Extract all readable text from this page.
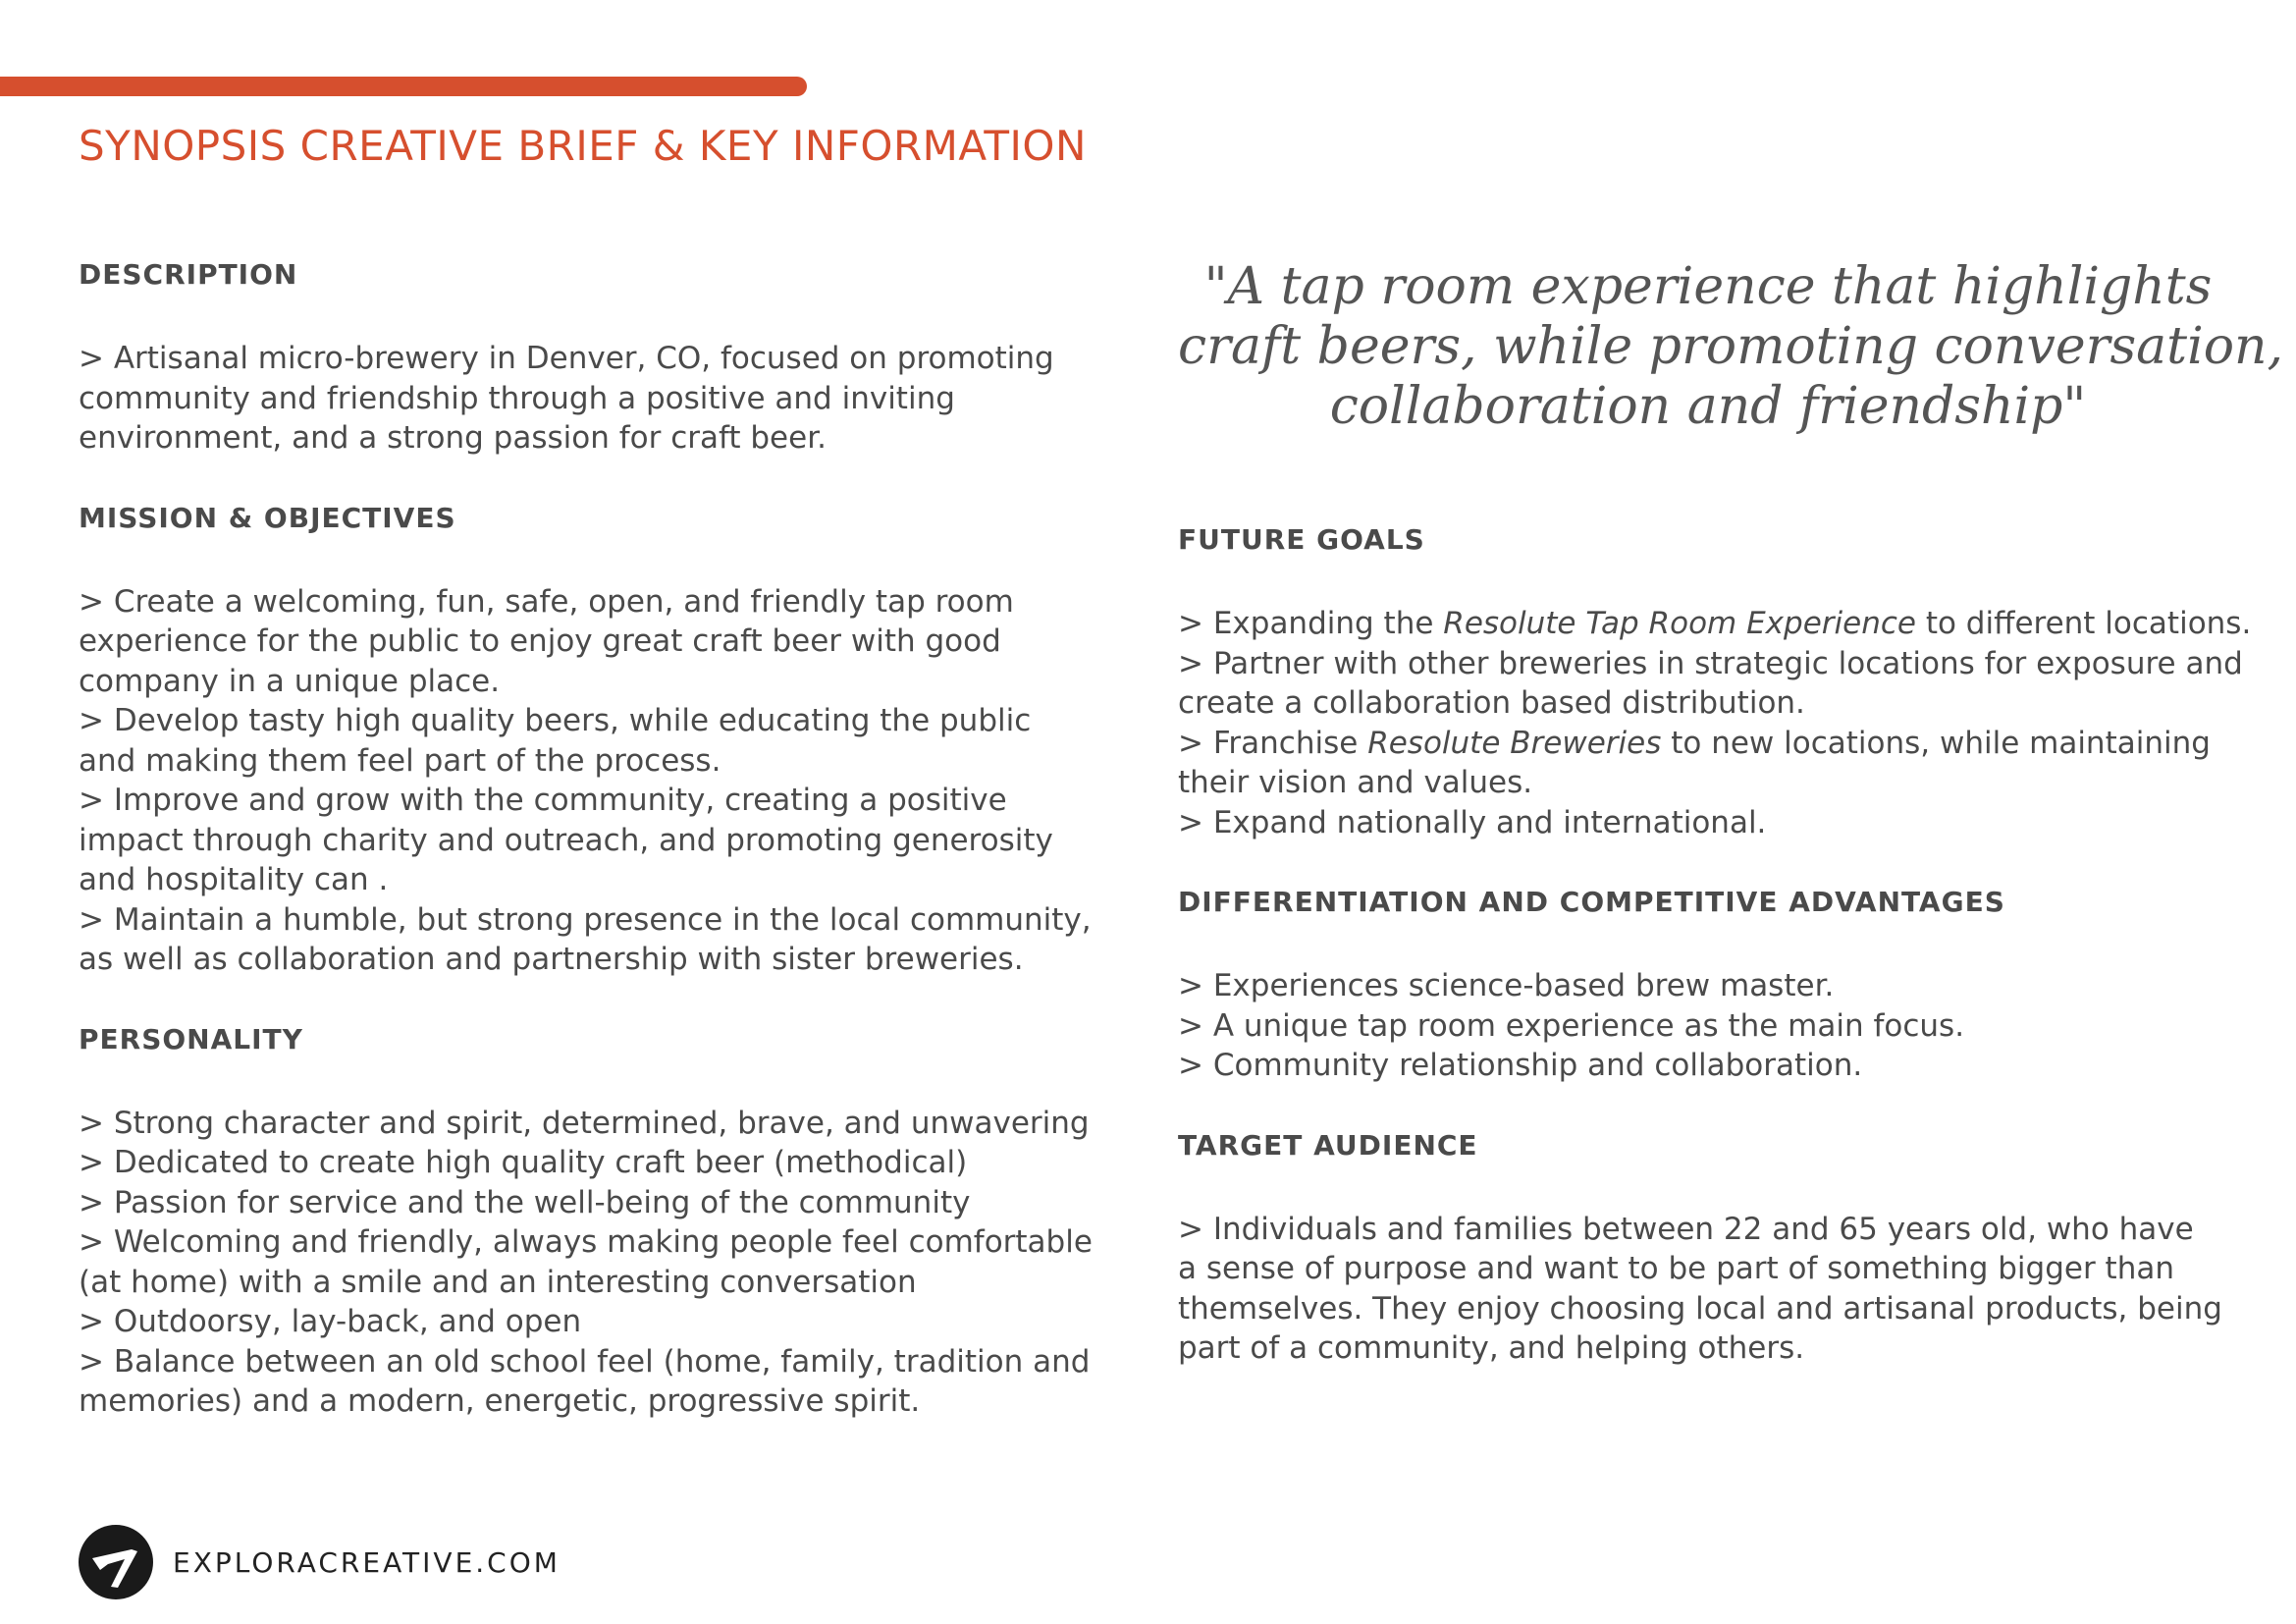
SYNOPSIS CREATIVE BRIEF & KEY INFORMATION
DESCRIPTION
> Artisanal micro-brewery in Denver, CO, focused on promoting
community and friendship through a positive and inviting
environment, and a strong passion for craft beer.
MISSION & OBJECTIVES
> Create a welcoming, fun, safe, open, and friendly tap room
experience for the public to enjoy great craft beer with good
company in a unique place.
> Develop tasty high quality beers, while educating the public
and making them feel part of the process.
> Improve and grow with the community, creating a positive
impact through charity and outreach, and promoting generosity
and hospitality can .
> Maintain a humble, but strong presence in the local community,
as well as collaboration and partnership with sister breweries.
PERSONALITY
> Strong character and spirit, determined, brave, and unwavering
> Dedicated to create high quality craft beer (methodical)
> Passion for service and the well-being of the community
> Welcoming and friendly, always making people feel comfortable
(at home) with a smile and an interesting conversation
> Outdoorsy, lay-back, and open
> Balance between an old school feel (home, family, tradition and
memories) and a modern, energetic, progressive spirit.
"A tap room experience that highlights
craft beers, while promoting conversation,
collaboration and friendship"
FUTURE GOALS
> Expanding the Resolute Tap Room Experience to different locations.
> Partner with other breweries in strategic locations for exposure and
create a collaboration based distribution.
> Franchise Resolute Breweries to new locations, while maintaining
their vision and values.
> Expand nationally and international.
DIFFERENTIATION AND COMPETITIVE ADVANTAGES
> Experiences science-based brew master.
> A unique tap room experience as the main focus.
> Community relationship and collaboration.
TARGET AUDIENCE
> Individuals and families between 22 and 65 years old, who have
a sense of purpose and want to be part of something bigger than
themselves. They enjoy choosing local and artisanal products, being
part of a community, and helping others.
EXPLORACREATIVE.COM
